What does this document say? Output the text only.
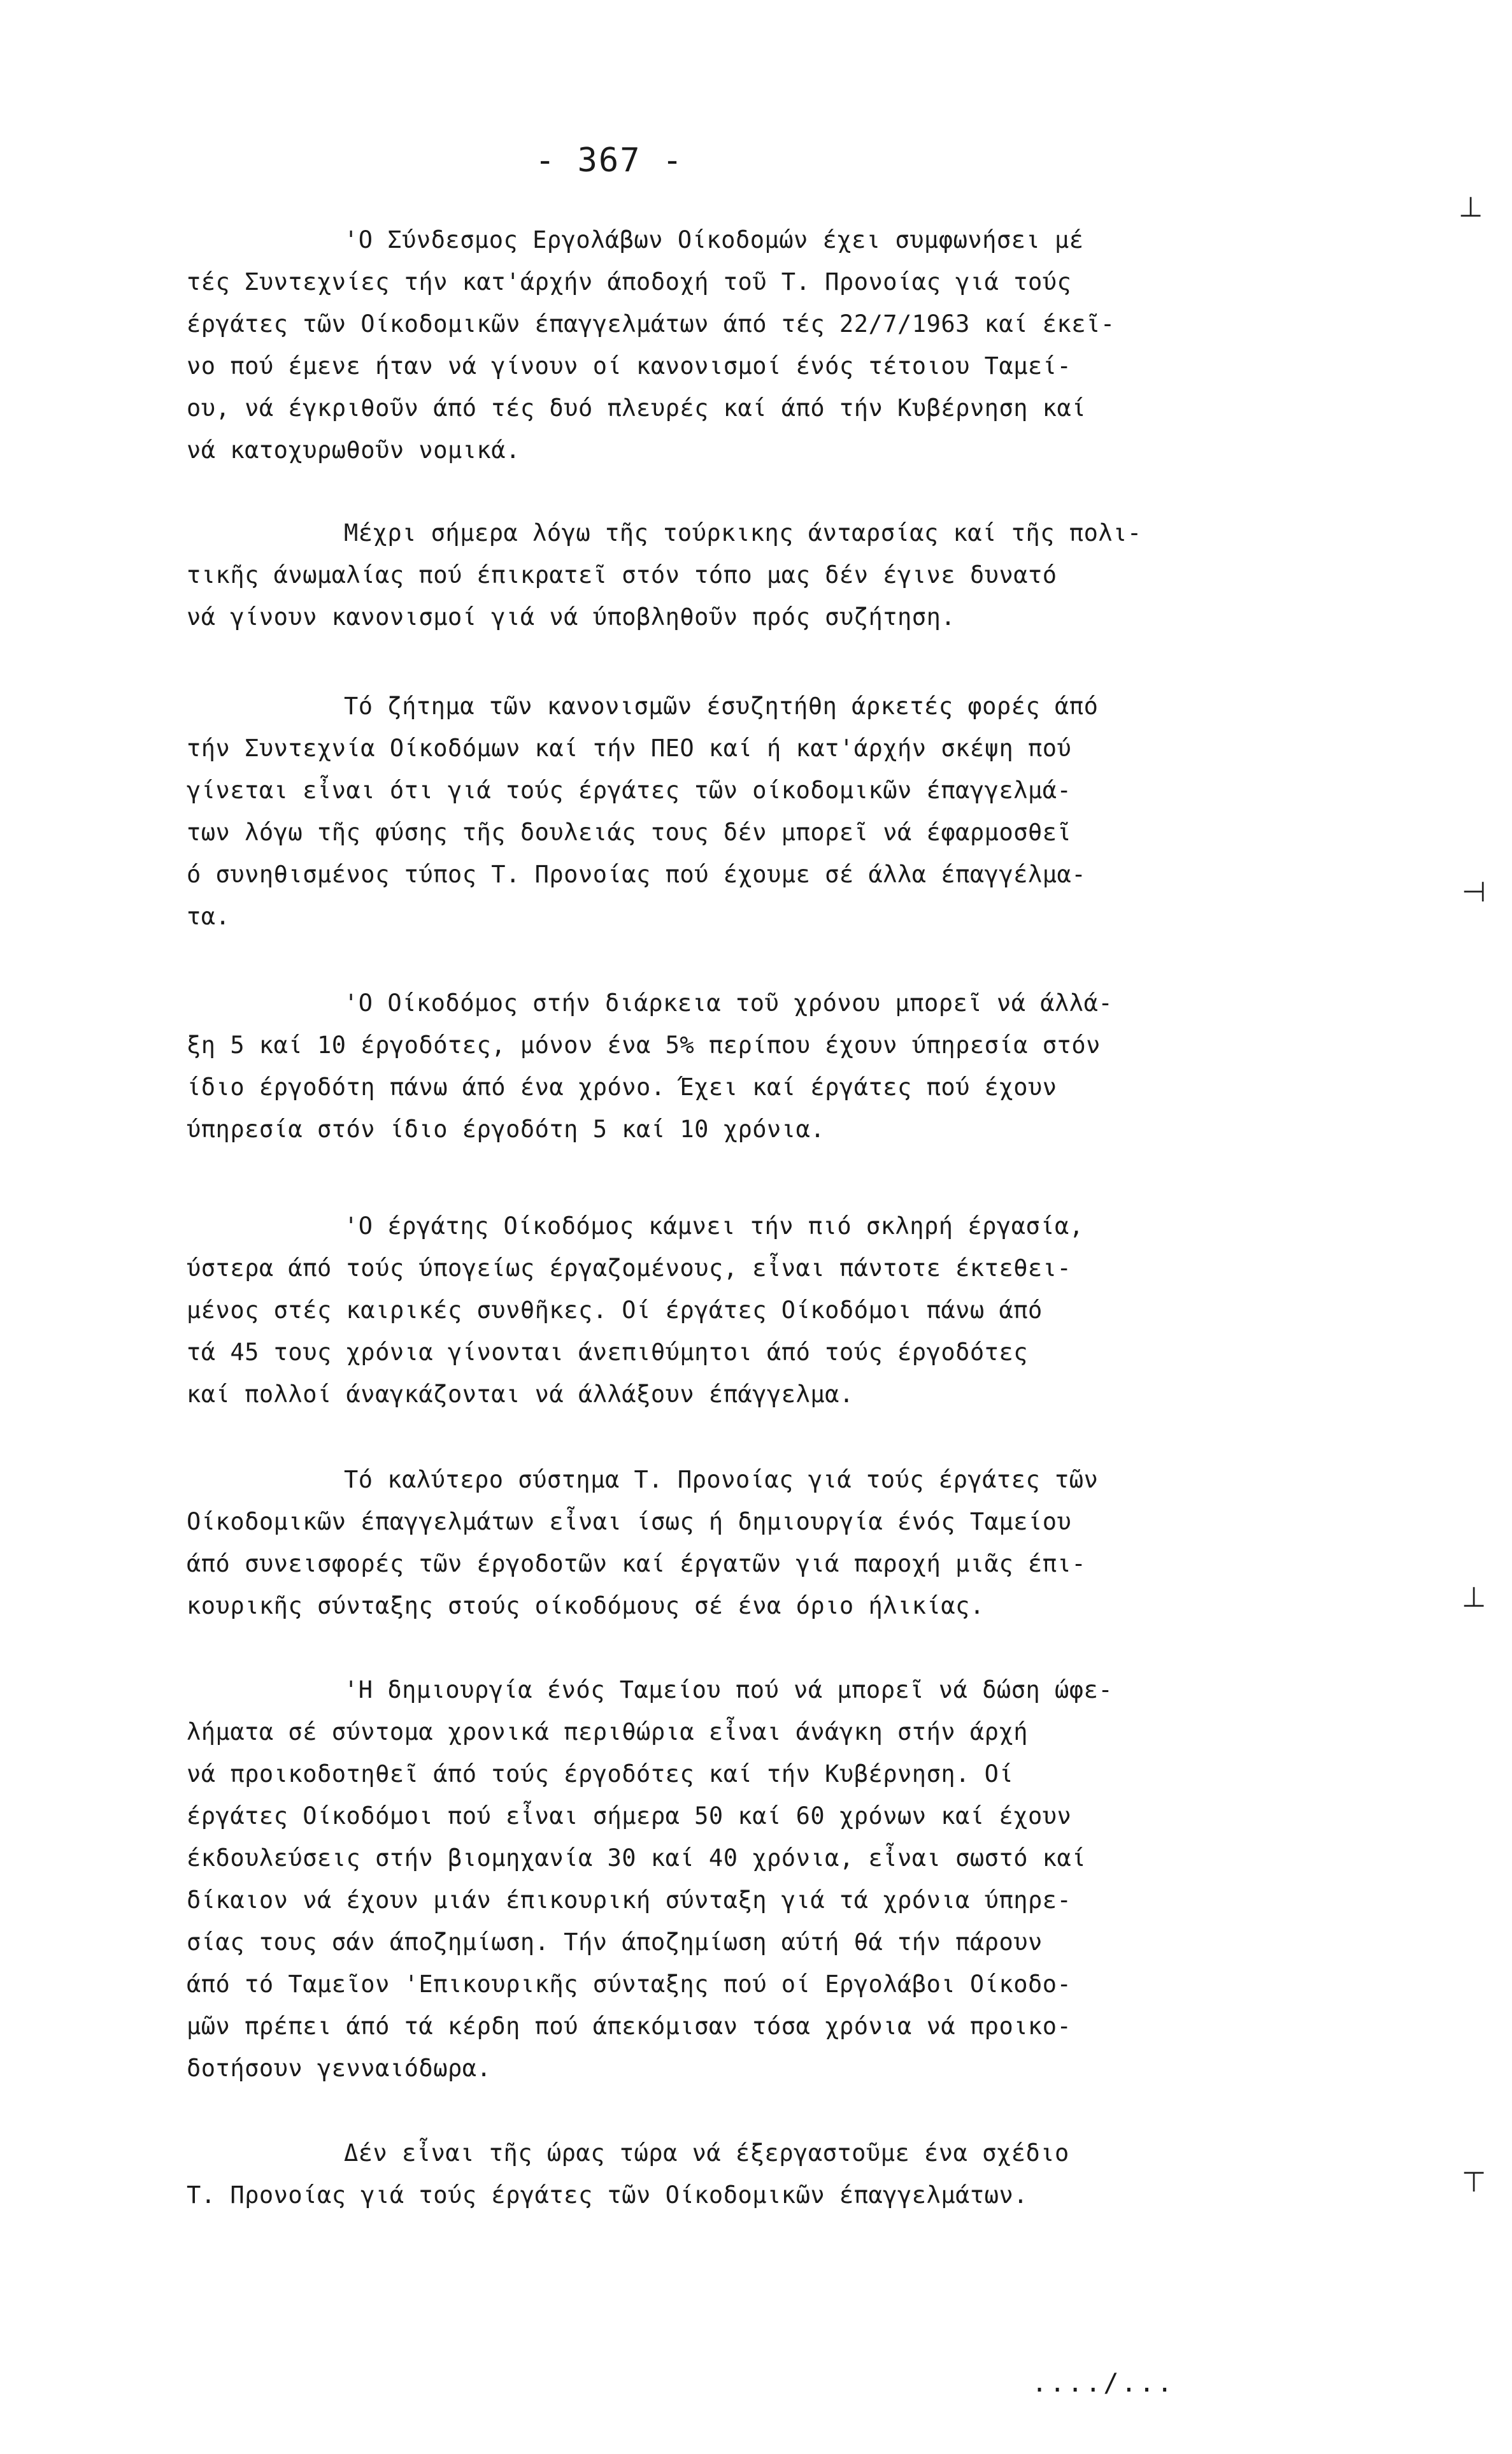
- 367 -
'Ο Σύνδεσμος Εργολάβων Οίκοδομών έχει συμφωνήσει μέ
τές Συντεχνίες τήν κατ'άρχήν άποδοχή τοῦ Τ. Προνοίας γιά τούς
έργάτες τῶν Οίκοδομικῶν έπαγγελμάτων άπό τές 22/7/1963 καί έκεῖ-
νο πού έμενε ήταν νά γίνουν οί κανονισμοί ένός τέτοιου Ταμεί-
ου, νά έγκριθοῦν άπό τές δυό πλευρές καί άπό τήν Κυβέρνηση καί
νά κατοχυρωθοῦν νομικά.
Μέχρι σήμερα λόγω τῆς τούρκικης άνταρσίας καί τῆς πολι-
τικῆς άνωμαλίας πού έπικρατεῖ στόν τόπο μας δέν έγινε δυνατό
νά γίνουν κανονισμοί γιά νά ύποβληθοῦν πρός συζήτηση.
Τό ζήτημα τῶν κανονισμῶν έσυζητήθη άρκετές φορές άπό
τήν Συντεχνία Οίκοδόμων καί τήν ΠΕΟ καί ή κατ'άρχήν σκέψη πού
γίνεται εἶναι ότι γιά τούς έργάτες τῶν οίκοδομικῶν έπαγγελμά-
των λόγω τῆς φύσης τῆς δουλειάς τους δέν μπορεῖ νά έφαρμοσθεῖ
ό συνηθισμένος τύπος Τ. Προνοίας πού έχουμε σέ άλλα έπαγγέλμα-
τα.
'Ο Οίκοδόμος στήν διάρκεια τοῦ χρόνου μπορεῖ νά άλλά-
ξη 5 καί 10 έργοδότες, μόνον ένα 5% περίπου έχουν ύπηρεσία στόν
ίδιο έργοδότη πάνω άπό ένα χρόνο. Έχει καί έργάτες πού έχουν
ύπηρεσία στόν ίδιο έργοδότη 5 καί 10 χρόνια.
'Ο έργάτης Οίκοδόμος κάμνει τήν πιό σκληρή έργασία,
ύστερα άπό τούς ύπογείως έργαζομένους, εἶναι πάντοτε έκτεθει-
μένος στές καιρικές συνθῆκες. Οί έργάτες Οίκοδόμοι πάνω άπό
τά 45 τους χρόνια γίνονται άνεπιθύμητοι άπό τούς έργοδότες
καί πολλοί άναγκάζονται νά άλλάξουν έπάγγελμα.
Τό καλύτερο σύστημα Τ. Προνοίας γιά τούς έργάτες τῶν
Οίκοδομικῶν έπαγγελμάτων εἶναι ίσως ή δημιουργία ένός Ταμείου
άπό συνεισφορές τῶν έργοδοτῶν καί έργατῶν γιά παροχή μιᾶς έπι-
κουρικῆς σύνταξης στούς οίκοδόμους σέ ένα όριο ήλικίας.
'Η δημιουργία ένός Ταμείου πού νά μπορεῖ νά δώση ώφε-
λήματα σέ σύντομα χρονικά περιθώρια εἶναι άνάγκη στήν άρχή
νά προικοδοτηθεῖ άπό τούς έργοδότες καί τήν Κυβέρνηση. Οί
έργάτες Οίκοδόμοι πού εἶναι σήμερα 50 καί 60 χρόνων καί έχουν
έκδουλεύσεις στήν βιομηχανία 30 καί 40 χρόνια, εἶναι σωστό καί
δίκαιον νά έχουν μιάν έπικουρική σύνταξη γιά τά χρόνια ύπηρε-
σίας τους σάν άποζημίωση. Τήν άποζημίωση αύτή θά τήν πάρουν
άπό τό Ταμεῖον 'Επικουρικῆς σύνταξης πού οί Εργολάβοι Οίκοδο-
μῶν πρέπει άπό τά κέρδη πού άπεκόμισαν τόσα χρόνια νά προικο-
δοτήσουν γενναιόδωρα.
Δέν εἶναι τῆς ώρας τώρα νά έξεργαστοῦμε ένα σχέδιο
Τ. Προνοίας γιά τούς έργάτες τῶν Οίκοδομικῶν έπαγγελμάτων.
..../...
⊥
⊣
⊥
⊤
